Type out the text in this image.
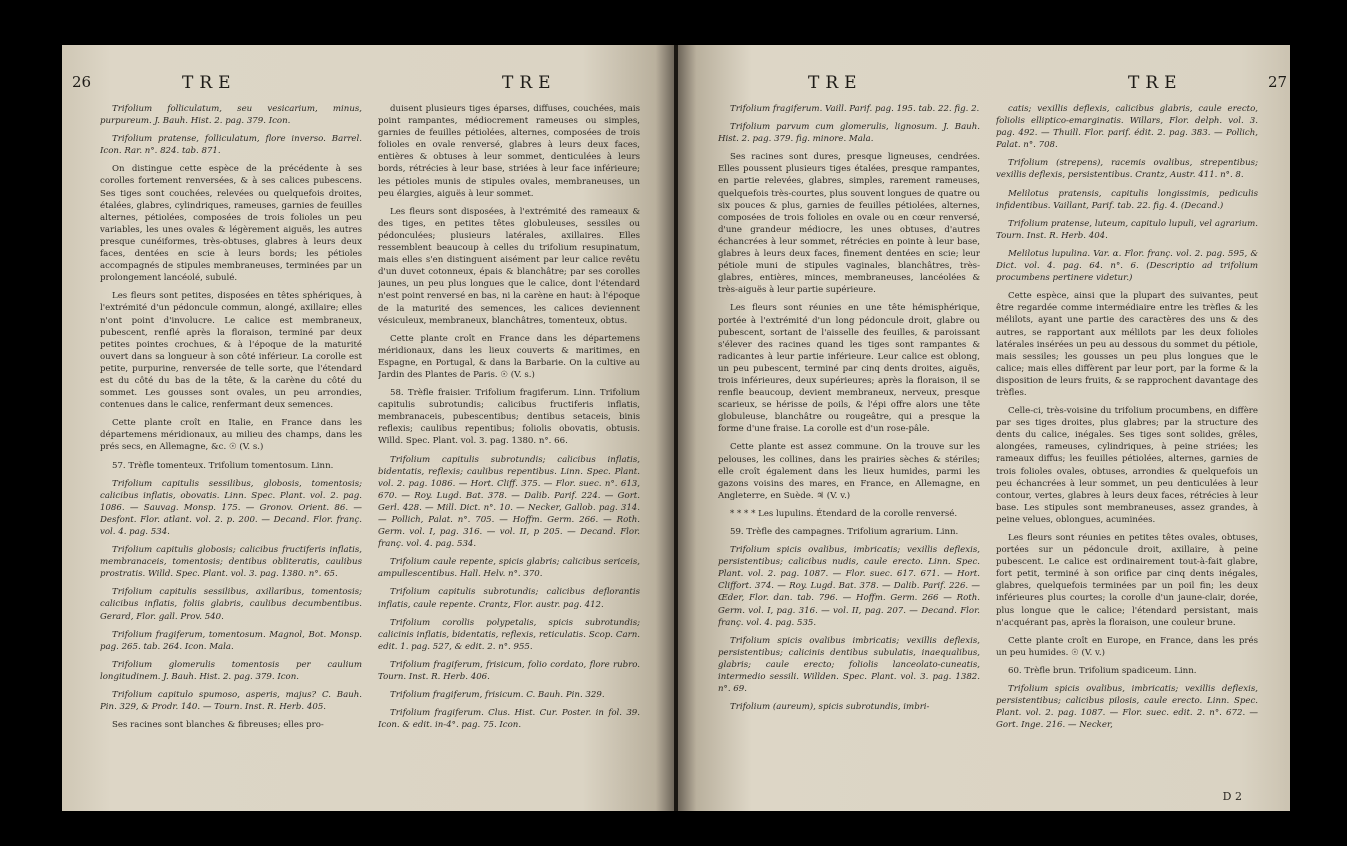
26	TRE	TRE

Trifolium folliculatum, seu vesicarium, minus, purpureum. J. Bauh. Hist. 2. pag. 379. Icon.

Trifolium pratense, folliculatum, flore inverso. Barrel. Icon. Rar. n°. 824. tab. 871.

On distingue cette espèce de la précédente à ses corolles fortement renversées, & à ses calices pubescens. Ses tiges sont couchées, relevées ou quelquefois droites, étalées, glabres, cylindriques, rameuses, garnies de feuilles alternes, pétiolées, composées de trois folioles un peu variables, les unes ovales & légèrement aiguës, les autres presque cunéiformes, très-obtuses, glabres à leurs deux faces, dentées en scie à leurs bords; les pétioles accompagnés de stipules membraneuses, terminées par un prolongement lancéolé, subulé.

Les fleurs sont petites, disposées en têtes sphériques, à l'extrémité d'un pédoncule commun, alongé, axillaire; elles n'ont point d'involucre. Le calice est membraneux, pubescent, renflé après la floraison, terminé par deux petites pointes crochues, & à l'époque de la maturité ouvert dans sa longueur à son côté inférieur. La corolle est petite, purpurine, renversée de telle sorte, que l'étendard est du côté du bas de la tête, & la carène du côté du sommet. Les gousses sont ovales, un peu arrondies, contenues dans le calice, renfermant deux semences.

Cette plante croît en Italie, en France dans les départemens méridionaux, au milieu des champs, dans les prés secs, en Allemagne, &c. ☉ (V. s.)

57. Trèfle tomenteux. Trifolium tomentosum. Linn.

Trifolium capitulis sessilibus, globosis, tomentosis; calicibus inflatis, obovatis. Linn. Spec. Plant. vol. 2. pag. 1086. — Sauvag. Monsp. 175. — Gronov. Orient. 86. — Desfont. Flor. atlant. vol. 2. p. 200. — Decand. Flor. franç. vol. 4. pag. 534.

Trifolium capitulis globosis; calicibus fructiferis inflatis, membranaceis, tomentosis; dentibus obliteratis, caulibus prostratis. Willd. Spec. Plant. vol. 3. pag. 1380. n°. 65.

Trifolium capitulis sessilibus, axillaribus, tomentosis; calicibus inflatis, foliis glabris, caulibus decumbentibus. Gerard, Flor. gall. Prov. 540.

Trifolium fragiferum, tomentosum. Magnol, Bot. Monsp. pag. 265. tab. 264. Icon. Mala.

Trifolium glomerulis tomentosis per caulium longitudinem. J. Bauh. Hist. 2. pag. 379. Icon.

Trifolium capitulo spumoso, asperis, majus? C. Bauh. Pin. 329, & Prodr. 140. — Tourn. Inst. R. Herb. 405.

Ses racines sont blanches & fibreuses; elles pro-

duisent plusieurs tiges éparses, diffuses, couchées, mais point rampantes, médiocrement rameuses ou simples, garnies de feuilles pétiolées, alternes, composées de trois folioles en ovale renversé, glabres à leurs deux faces, entières & obtuses à leur sommet, denticulées à leurs bords, rétrécies à leur base, striées à leur face inférieure; les pétioles munis de stipules ovales, membraneuses, un peu élargies, aiguës à leur sommet.

Les fleurs sont disposées, à l'extrémité des rameaux & des tiges, en petites têtes globuleuses, sessiles ou pédonculées; plusieurs latérales, axillaires. Elles ressemblent beaucoup à celles du trifolium resupinatum, mais elles s'en distinguent aisément par leur calice revêtu d'un duvet cotonneux, épais & blanchâtre; par ses corolles jaunes, un peu plus longues que le calice, dont l'étendard n'est point renversé en bas, ni la carène en haut: à l'époque de la maturité des semences, les calices deviennent vésiculeux, membraneux, blanchâtres, tomenteux, obtus.

Cette plante croît en France dans les départemens méridionaux, dans les lieux couverts & maritimes, en Espagne, en Portugal, & dans la Barbarie. On la cultive au Jardin des Plantes de Paris. ☉ (V. s.)

58. Trèfle fraisier. Trifolium fragiferum. Linn. Trifolium capitulis subrotundis; calicibus fructiferis inflatis, membranaceis, pubescentibus; dentibus setaceis, binis reflexis; caulibus repentibus; foliolis obovatis, obtusis. Willd. Spec. Plant. vol. 3. pag. 1380. n°. 66.

Trifolium capitulis subrotundis; calicibus inflatis, bidentatis, reflexis; caulibus repentibus. Linn. Spec. Plant. vol. 2. pag. 1086. — Hort. Cliff. 375. — Flor. suec. n°. 613, 670. — Roy. Lugd. Bat. 378. — Dalib. Parif. 224. — Gort. Gerl. 428. — Mill. Dict. n°. 10. — Necker, Gallob. pag. 314. — Pollich, Palat. n°. 705. — Hoffm. Germ. 266. — Roth. Germ. vol. I, pag. 316. — vol. II, p 205. — Decand. Flor. franç. vol. 4. pag. 534.

Trifolium caule repente, spicis glabris; calicibus sericeis, ampullescentibus. Hall. Helv. n°. 370.

Trifolium capitulis subrotundis; calicibus deflorantis inflatis, caule repente. Crantz, Flor. austr. pag. 412.

Trifolium corollis polypetalis, spicis subrotundis; calicinis inflatis, bidentatis, reflexis, reticulatis. Scop. Carn. edit. 1. pag. 527, & edit. 2. n°. 955.

Trifolium fragiferum, frisicum, folio cordato, flore rubro. Tourn. Inst. R. Herb. 406.

Trifolium fragiferum, frisicum. C. Bauh. Pin. 329.

Trifolium fragiferum. Clus. Hist. Cur. Poster. in fol. 39. Icon. & edit. in-4°. pag. 75. Icon.

TRE	TRE	27

Trifolium fragiferum. Vaill. Parif. pag. 195. tab. 22. fig. 2.

Trifolium parvum cum glomerulis, lignosum. J. Bauh. Hist. 2. pag. 379. fig. minore. Mala.

Ses racines sont dures, presque ligneuses, cendrées. Elles poussent plusieurs tiges étalées, presque rampantes, en partie relevées, glabres, simples, rarement rameuses, quelquefois très-courtes, plus souvent longues de quatre ou six pouces & plus, garnies de feuilles pétiolées, alternes, composées de trois folioles en ovale ou en cœur renversé, d'une grandeur médiocre, les unes obtuses, d'autres échancrées à leur sommet, rétrécies en pointe à leur base, glabres à leurs deux faces, finement dentées en scie; leur pétiole muni de stipules vaginales, blanchâtres, très-glabres, entières, minces, membraneuses, lancéolées & très-aiguës à leur partie supérieure.

Les fleurs sont réunies en une tête hémisphérique, portée à l'extrémité d'un long pédoncule droit, glabre ou pubescent, sortant de l'aisselle des feuilles, & paroissant s'élever des racines quand les tiges sont rampantes & radicantes à leur partie inférieure. Leur calice est oblong, un peu pubescent, terminé par cinq dents droites, aiguës, trois inférieures, deux supérieures; après la floraison, il se renfle beaucoup, devient membraneux, nerveux, presque scarieux, se hérisse de poils, & l'épi offre alors une tête globuleuse, blanchâtre ou rougeâtre, qui a presque la forme d'une fraise. La corolle est d'un rose-pâle.

Cette plante est assez commune. On la trouve sur les pelouses, les collines, dans les prairies sèches & stériles; elle croît également dans les lieux humides, parmi les gazons voisins des mares, en France, en Allemagne, en Angleterre, en Suède. ♃ (V. v.)

* * * * Les lupulins. Étendard de la corolle renversé.

59. Trèfle des campagnes. Trifolium agrarium. Linn.

Trifolium spicis ovalibus, imbricatis; vexillis deflexis, persistentibus; calicibus nudis, caule erecto. Linn. Spec. Plant. vol. 2. pag. 1087. — Flor. suec. 617. 671. — Hort. Cliffort. 374. — Roy. Lugd. Bat. 378. — Dalib. Parif. 226. — Œder, Flor. dan. tab. 796. — Hoffm. Germ. 266 — Roth. Germ. vol. I, pag. 316. — vol. II, pag. 207. — Decand. Flor. franç. vol. 4. pag. 535.

Trifolium spicis ovalibus imbricatis; vexillis deflexis, persistentibus; calicinis dentibus subulatis, inaequalibus, glabris; caule erecto; foliolis lanceolato-cuneatis, intermedio sessili. Willden. Spec. Plant. vol. 3. pag. 1382. n°. 69.

Trifolium (aureum), spicis subrotundis, imbri-

catis; vexillis deflexis, calicibus glabris, caule erecto, foliolis elliptico-emarginatis. Willars, Flor. delph. vol. 3. pag. 492. — Thuill. Flor. parif. édit. 2. pag. 383. — Pollich, Palat. n°. 708.

Trifolium (strepens), racemis ovalibus, strepentibus; vexillis deflexis, persistentibus. Crantz, Austr. 411. n°. 8.

Melilotus pratensis, capitulis longissimis, pediculis infidentibus. Vaillant, Parif. tab. 22. fig. 4. (Decand.)

Trifolium pratense, luteum, capitulo lupuli, vel agrarium. Tourn. Inst. R. Herb. 404.

Melilotus lupulina. Var. α. Flor. franç. vol. 2. pag. 595, & Dict. vol. 4. pag. 64. n°. 6. (Descriptio ad trifolium procumbens pertinere videtur.)

Cette espèce, ainsi que la plupart des suivantes, peut être regardée comme intermédiaire entre les trèfles & les mélilots, ayant une partie des caractères des uns & des autres, se rapportant aux mélilots par les deux folioles latérales insérées un peu au dessous du sommet du pétiole, mais sessiles; les gousses un peu plus longues que le calice; mais elles diffèrent par leur port, par la forme & la disposition de leurs fruits, & se rapprochent davantage des trèfles.

Celle-ci, très-voisine du trifolium procumbens, en diffère par ses tiges droites, plus glabres; par la structure des dents du calice, inégales. Ses tiges sont solides, grêles, alongées, rameuses, cylindriques, à peine striées; les rameaux diffus; les feuilles pétiolées, alternes, garnies de trois folioles ovales, obtuses, arrondies & quelquefois un peu échancrées à leur sommet, un peu denticulées à leur contour, vertes, glabres à leurs deux faces, rétrécies à leur base. Les stipules sont membraneuses, assez grandes, à peine velues, oblongues, acuminées.

Les fleurs sont réunies en petites têtes ovales, obtuses, portées sur un pédoncule droit, axillaire, à peine pubescent. Le calice est ordinairement tout-à-fait glabre, fort petit, terminé à son orifice par cinq dents inégales, glabres, quelquefois terminées par un poil fin; les deux inférieures plus courtes; la corolle d'un jaune-clair, dorée, plus longue que le calice; l'étendard persistant, mais n'acquérant pas, après la floraison, une couleur brune.

Cette plante croît en Europe, en France, dans les prés un peu humides. ☉ (V. v.)

60. Trèfle brun. Trifolium spadiceum. Linn.

Trifolium spicis ovalibus, imbricatis; vexillis deflexis, persistentibus; calicibus pilosis, caule erecto. Linn. Spec. Plant. vol. 2. pag. 1087. — Flor. suec. edit. 2. n°. 672. — Gort. Inge. 216. — Necker,

D 2
